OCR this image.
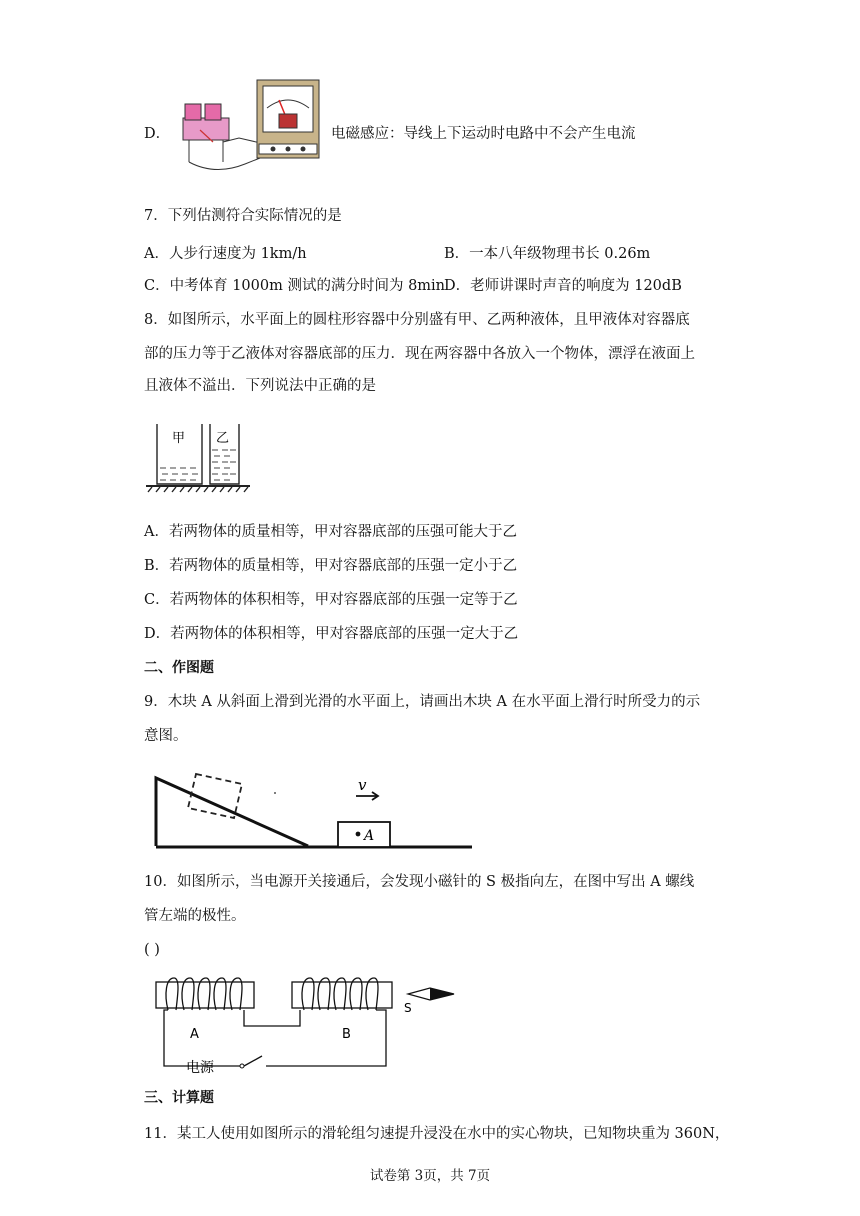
D．	电磁感应：导线上下运动时电路中不会产生电流
7．下列估测符合实际情况的是
A．人步行速度为 1km/h	B．一本八年级物理书长 0.26m
C．中考体育 1000m 测试的满分时间为 8min
D．老师讲课时声音的响度为 120dB
8．如图所示，水平面上的圆柱形容器中分别盛有甲、乙两种液体，且甲液体对容器底
部的压力等于乙液体对容器底部的压力．现在两容器中各放入一个物体，漂浮在液面上
且液体不溢出．下列说法中正确的是
甲 乙
A．若两物体的质量相等，甲对容器底部的压强可能大于乙
B．若两物体的质量相等，甲对容器底部的压强一定小于乙
C．若两物体的体积相等，甲对容器底部的压强一定等于乙
D．若两物体的体积相等，甲对容器底部的压强一定大于乙
二、作图题
9．木块 A 从斜面上滑到光滑的水平面上，请画出木块 A 在水平面上滑行时所受力的示
意图。
v
A
10．如图所示，当电源开关接通后，会发现小磁针的 S 极指向左，在图中写出 A 螺线
管左端的极性。
( )
A	B
电源
S
三、计算题
11．某工人使用如图所示的滑轮组匀速提升浸没在水中的实心物块，已知物块重为 360N，
试卷第 3页，共 7页
